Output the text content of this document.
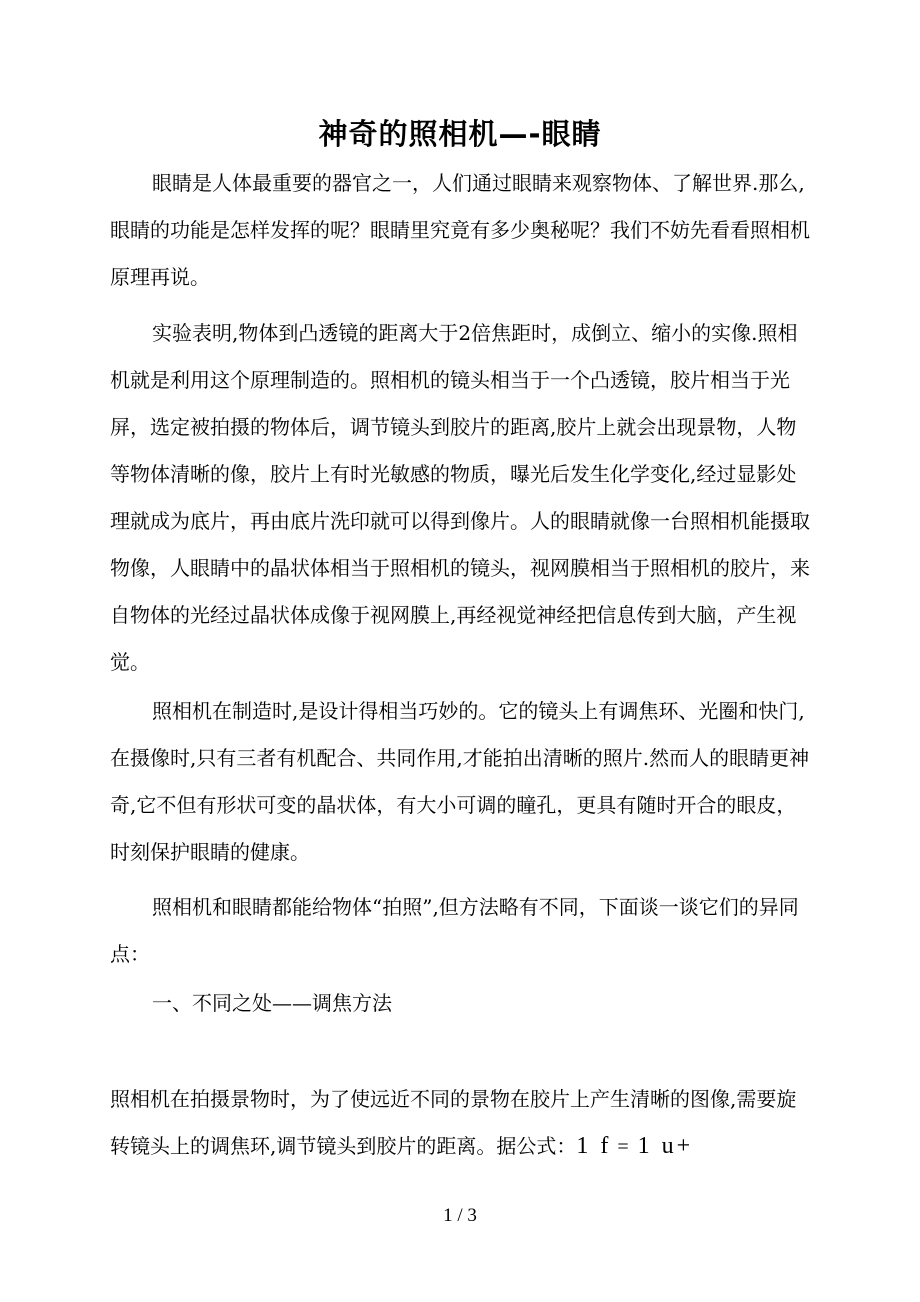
神奇的照相机—-眼睛

眼睛是人体最重要的器官之一，人们通过眼睛来观察物体、了解世界.那么,眼睛的功能是怎样发挥的呢？眼睛里究竟有多少奥秘呢？我们不妨先看看照相机原理再说。

实验表明,物体到凸透镜的距离大于2倍焦距时，成倒立、缩小的实像.照相机就是利用这个原理制造的。照相机的镜头相当于一个凸透镜，胶片相当于光屏，选定被拍摄的物体后，调节镜头到胶片的距离,胶片上就会出现景物，人物等物体清晰的像，胶片上有时光敏感的物质，曝光后发生化学变化,经过显影处理就成为底片，再由底片洗印就可以得到像片。人的眼睛就像一台照相机能摄取物像，人眼睛中的晶状体相当于照相机的镜头，视网膜相当于照相机的胶片，来自物体的光经过晶状体成像于视网膜上,再经视觉神经把信息传到大脑，产生视觉。

照相机在制造时,是设计得相当巧妙的。它的镜头上有调焦环、光圈和快门,在摄像时,只有三者有机配合、共同作用,才能拍出清晰的照片.然而人的眼睛更神奇,它不但有形状可变的晶状体，有大小可调的瞳孔，更具有随时开合的眼皮，时刻保护眼睛的健康。

照相机和眼睛都能给物体“拍照”,但方法略有不同，下面谈一谈它们的异同点：

一、不同之处——调焦方法

照相机在拍摄景物时，为了使远近不同的景物在胶片上产生清晰的图像,需要旋转镜头上的调焦环,调节镜头到胶片的距离。据公式：1 f = 1 u+

1 / 3
